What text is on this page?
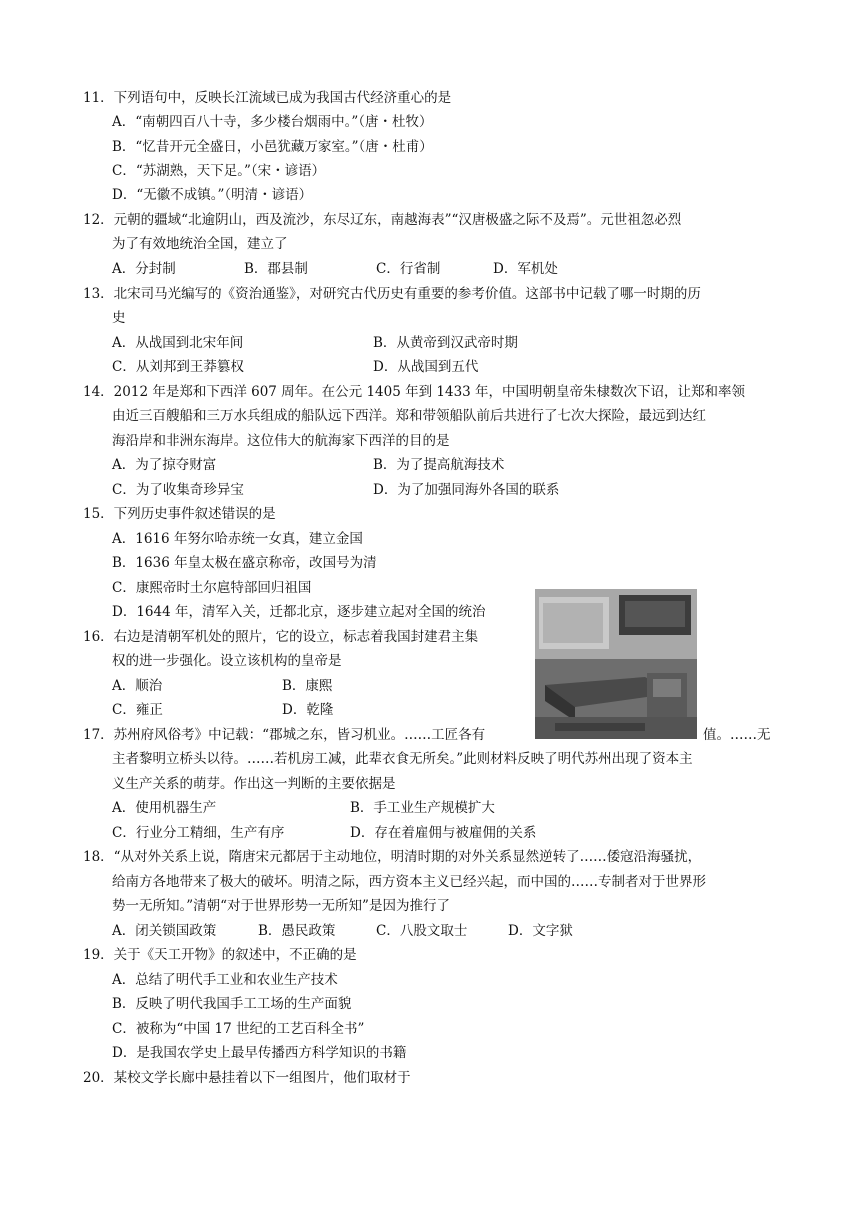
11．下列语句中，反映长江流域已成为我国古代经济重心的是
A．“南朝四百八十寺，多少楼台烟雨中。”（唐・杜牧）
B．“忆昔开元全盛日，小邑犹藏万家室。”（唐・杜甫）
C．“苏湖熟，天下足。”（宋・谚语）
D．“无徽不成镇。”（明清・谚语）
12．元朝的疆域“北逾阴山，西及流沙，东尽辽东，南越海表”“汉唐极盛之际不及焉”。元世祖忽必烈
为了有效地统治全国，建立了
A．分封制	B．郡县制	C．行省制	D．军机处
13．北宋司马光编写的《资治通鉴》，对研究古代历史有重要的参考价值。这部书中记载了哪一时期的历
史
A．从战国到北宋年间	B．从黄帝到汉武帝时期
C．从刘邦到王莽篡权	D．从战国到五代
14．2012 年是郑和下西洋 607 周年。在公元 1405 年到 1433 年，中国明朝皇帝朱棣数次下诏，让郑和率领
由近三百艘船和三万水兵组成的船队远下西洋。郑和带领船队前后共进行了七次大探险，最远到达红
海沿岸和非洲东海岸。这位伟大的航海家下西洋的目的是
A．为了掠夺财富	B．为了提高航海技术
C．为了收集奇珍异宝	D．为了加强同海外各国的联系
15．下列历史事件叙述错误的是
A．1616 年努尔哈赤统一女真，建立金国
B．1636 年皇太极在盛京称帝，改国号为清
C．康熙帝时土尔扈特部回归祖国
D．1644 年，清军入关，迁都北京，逐步建立起对全国的统治
16．右边是清朝军机处的照片，它的设立，标志着我国封建君主集
权的进一步强化。设立该机构的皇帝是
A．顺治	B．康熙
C．雍正	D．乾隆
17．苏州府风俗考》中记载：“郡城之东，皆习机业。……工匠各有	值。……无
主者黎明立桥头以待。……若机房工减，此辈衣食无所矣。”此则材料反映了明代苏州出现了资本主
义生产关系的萌芽。作出这一判断的主要依据是
A．使用机器生产	B．手工业生产规模扩大
C．行业分工精细，生产有序	D．存在着雇佣与被雇佣的关系
18．“从对外关系上说，隋唐宋元都居于主动地位，明清时期的对外关系显然逆转了……倭寇沿海骚扰，
给南方各地带来了极大的破坏。明清之际，西方资本主义已经兴起，而中国的……专制者对于世界形
势一无所知。”清朝“对于世界形势一无所知”是因为推行了
A．闭关锁国政策	B．愚民政策	C．八股文取士	D．文字狱
19．关于《天工开物》的叙述中，不正确的是
A．总结了明代手工业和农业生产技术
B．反映了明代我国手工工场的生产面貌
C．被称为“中国 17 世纪的工艺百科全书”
D．是我国农学史上最早传播西方科学知识的书籍
20．某校文学长廊中悬挂着以下一组图片，他们取材于
